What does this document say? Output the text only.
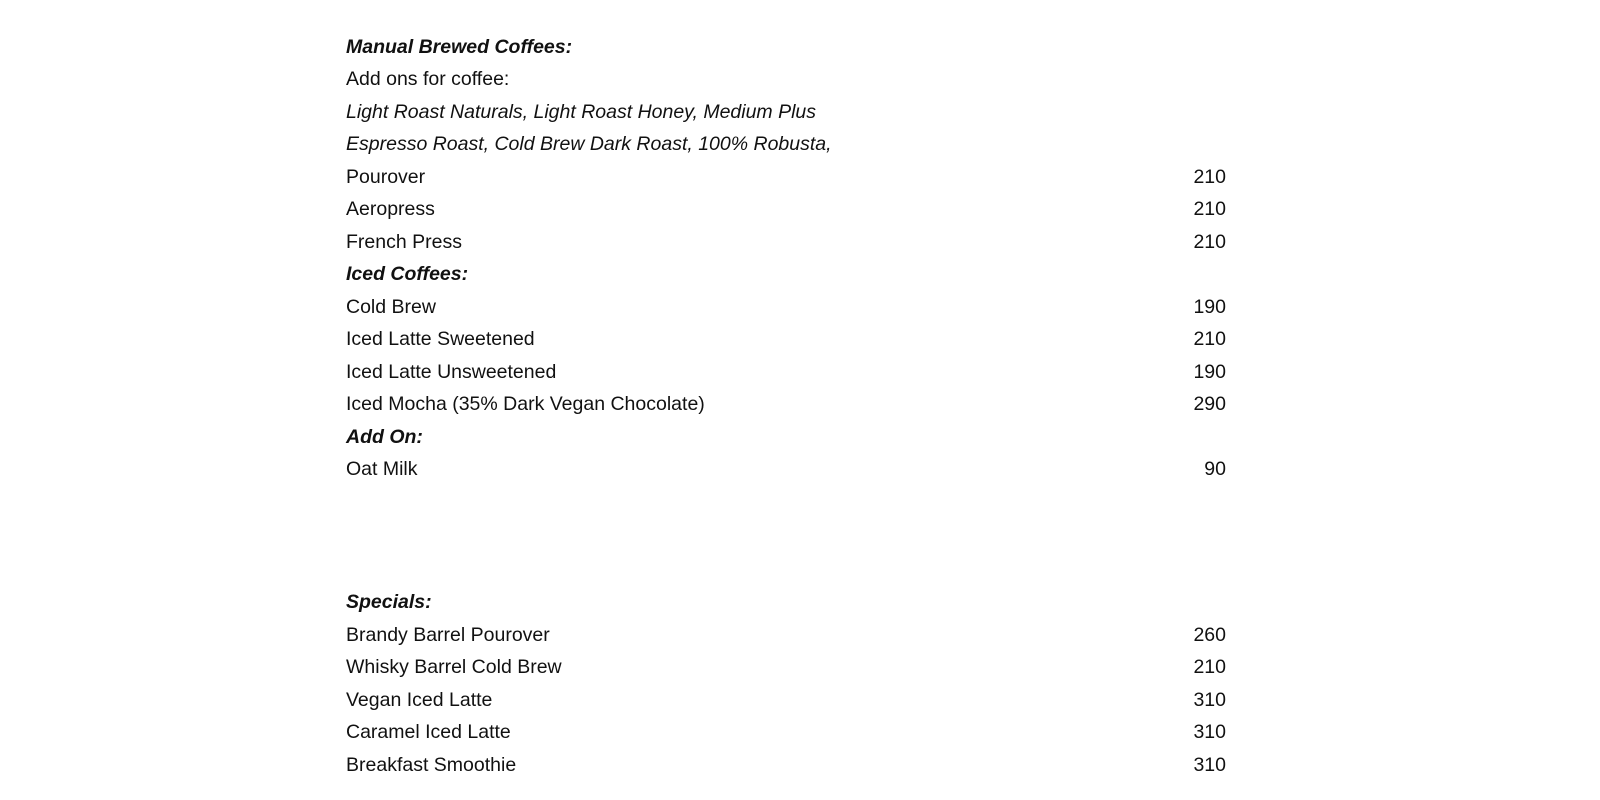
Manual Brewed Coffees:
Add ons for coffee:
Light Roast Naturals, Light Roast Honey, Medium Plus
Espresso Roast, Cold Brew Dark Roast, 100% Robusta,
Pourover	210
Aeropress	210
French Press	210
Iced Coffees:
Cold Brew	190
Iced Latte Sweetened	210
Iced Latte Unsweetened	190
Iced Mocha (35% Dark Vegan Chocolate)	290
Add On:
Oat Milk	90
Specials:
Brandy Barrel Pourover	260
Whisky Barrel Cold Brew	210
Vegan Iced Latte	310
Caramel Iced Latte	310
Breakfast Smoothie	310
